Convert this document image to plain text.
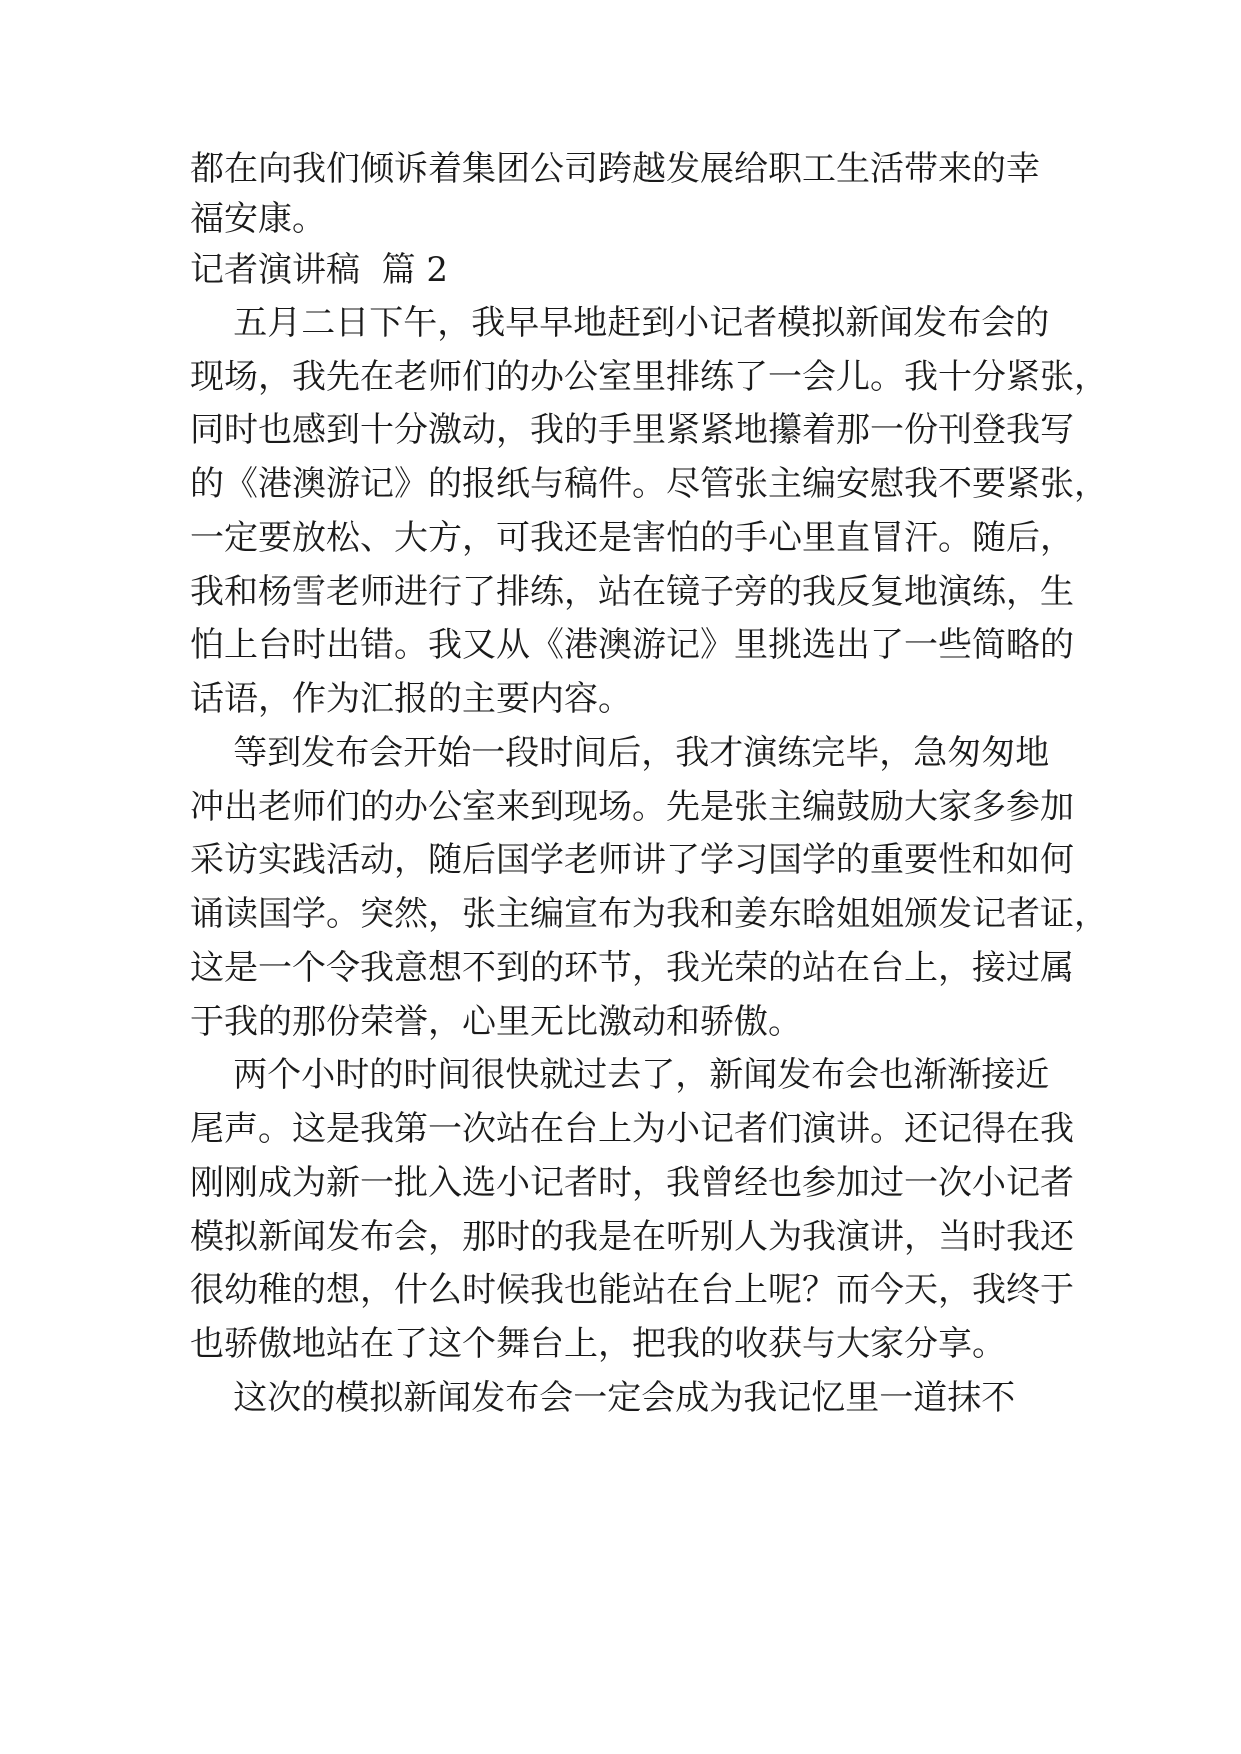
都在向我们倾诉着集团公司跨越发展给职工生活带来的幸
福安康。
记者演讲稿  篇 2
五月二日下午，我早早地赶到小记者模拟新闻发布会的
现场，我先在老师们的办公室里排练了一会儿。我十分紧张，
同时也感到十分激动，我的手里紧紧地攥着那一份刊登我写
的《港澳游记》的报纸与稿件。尽管张主编安慰我不要紧张，
一定要放松、大方，可我还是害怕的手心里直冒汗。随后，
我和杨雪老师进行了排练，站在镜子旁的我反复地演练，生
怕上台时出错。我又从《港澳游记》里挑选出了一些简略的
话语，作为汇报的主要内容。
等到发布会开始一段时间后，我才演练完毕，急匆匆地
冲出老师们的办公室来到现场。先是张主编鼓励大家多参加
采访实践活动，随后国学老师讲了学习国学的重要性和如何
诵读国学。突然，张主编宣布为我和姜东晗姐姐颁发记者证，
这是一个令我意想不到的环节，我光荣的站在台上，接过属
于我的那份荣誉，心里无比激动和骄傲。
两个小时的时间很快就过去了，新闻发布会也渐渐接近
尾声。这是我第一次站在台上为小记者们演讲。还记得在我
刚刚成为新一批入选小记者时，我曾经也参加过一次小记者
模拟新闻发布会，那时的我是在听别人为我演讲，当时我还
很幼稚的想，什么时候我也能站在台上呢？而今天，我终于
也骄傲地站在了这个舞台上，把我的收获与大家分享。
这次的模拟新闻发布会一定会成为我记忆里一道抹不
